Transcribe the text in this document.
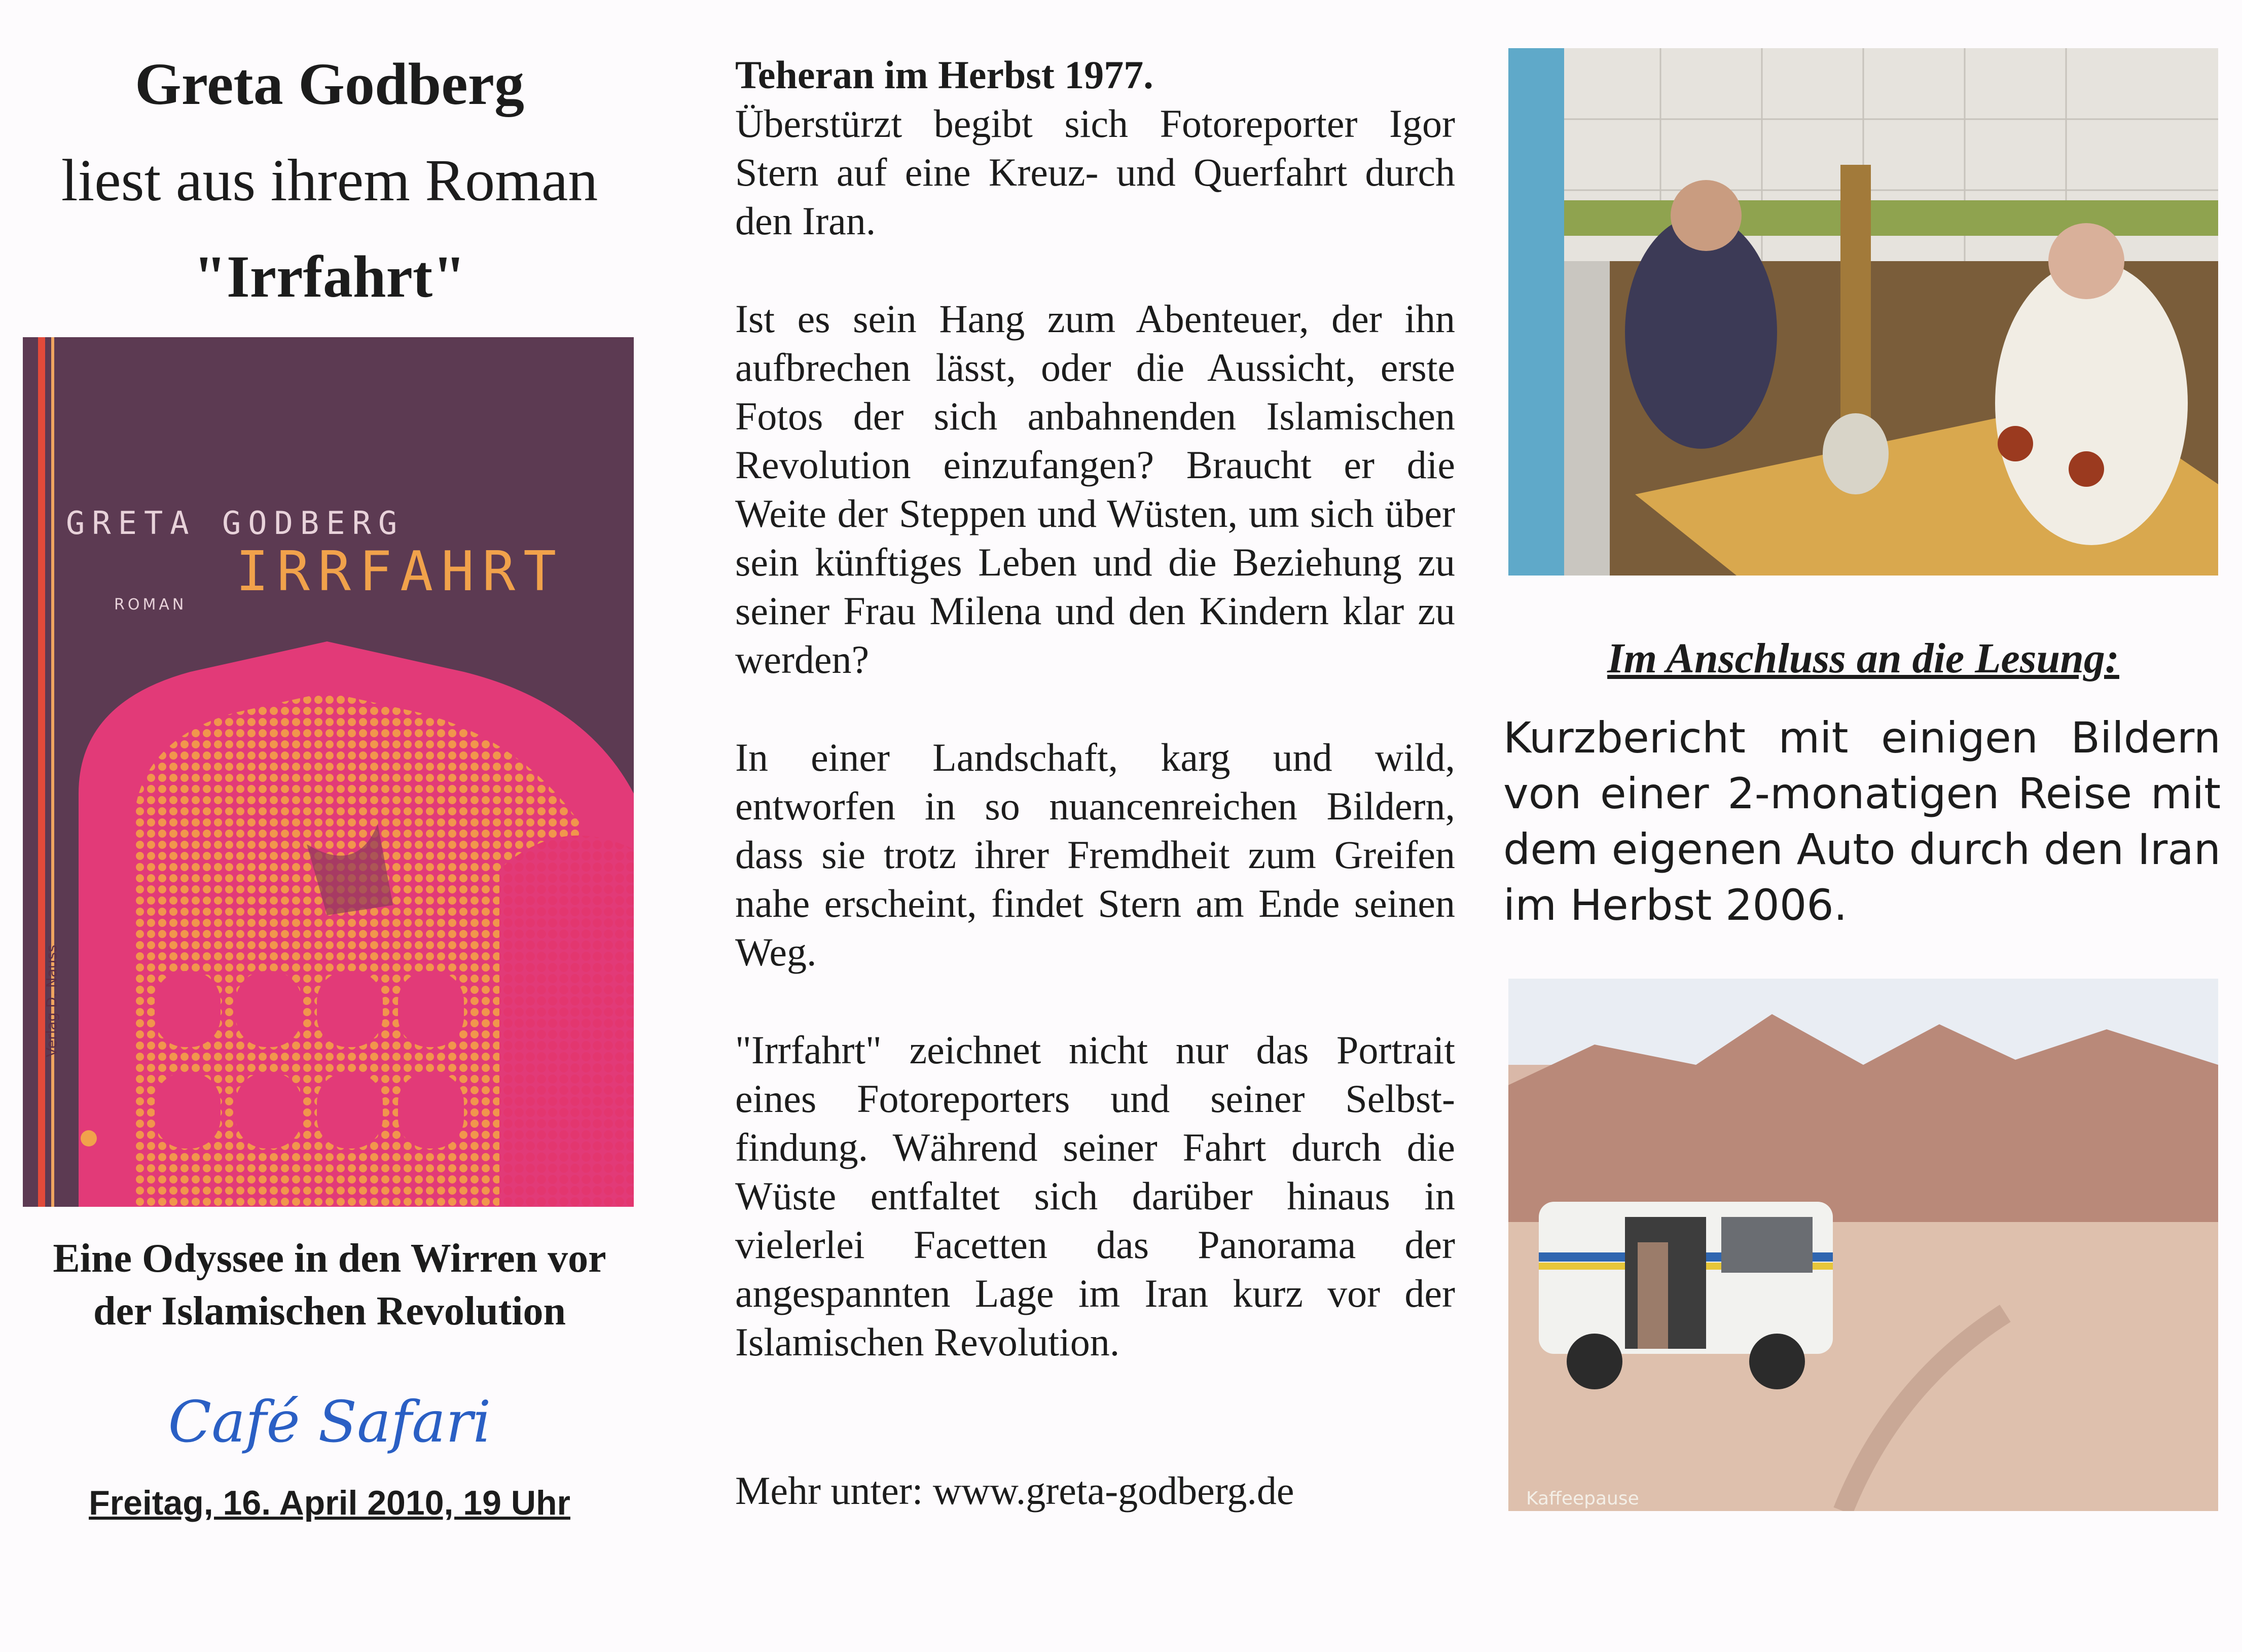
Greta Godberg
liest aus ihrem Roman
"Irrfahrt"
GRETA GODBERG
IRRFAHRT
ROMAN
Verlag D. Nauss
Eine Odyssee in den Wirren vor
der Islamischen Revolution
Café Safari
Freitag, 16. April 2010, 19 Uhr
Teheran im Herbst 1977.

Überstürzt begibt sich Fotoreporter Igor Stern auf eine Kreuz- und Querfahrt durch den Iran.

Ist es sein Hang zum Abenteuer, der ihn aufbrechen lässt, oder die Aussicht, erste Fotos der sich anbahnenden Islamischen Revolution einzufangen? Braucht er die Weite der Steppen und Wüsten, um sich über sein künftiges Leben und die Beziehung zu seiner Frau Milena und den Kindern klar zu werden?

In einer Landschaft, karg und wild, entworfen in so nuancenreichen Bildern, dass sie trotz ihrer Fremdheit zum Greifen nahe erscheint, findet Stern am Ende seinen Weg.

"Irrfahrt" zeichnet nicht nur das Portrait eines Fotoreporters und seiner Selbst-findung. Während seiner Fahrt durch die Wüste entfaltet sich darüber hinaus in vielerlei Facetten das Panorama der angespannten Lage im Iran kurz vor der Islamischen Revolution.

Mehr unter: www.greta-godberg.de
Im Anschluss an die Lesung:
Kurzbericht mit einigen Bildern von einer 2-monatigen Reise mit dem eigenen Auto durch den Iran im Herbst 2006.
Kaffeepause
